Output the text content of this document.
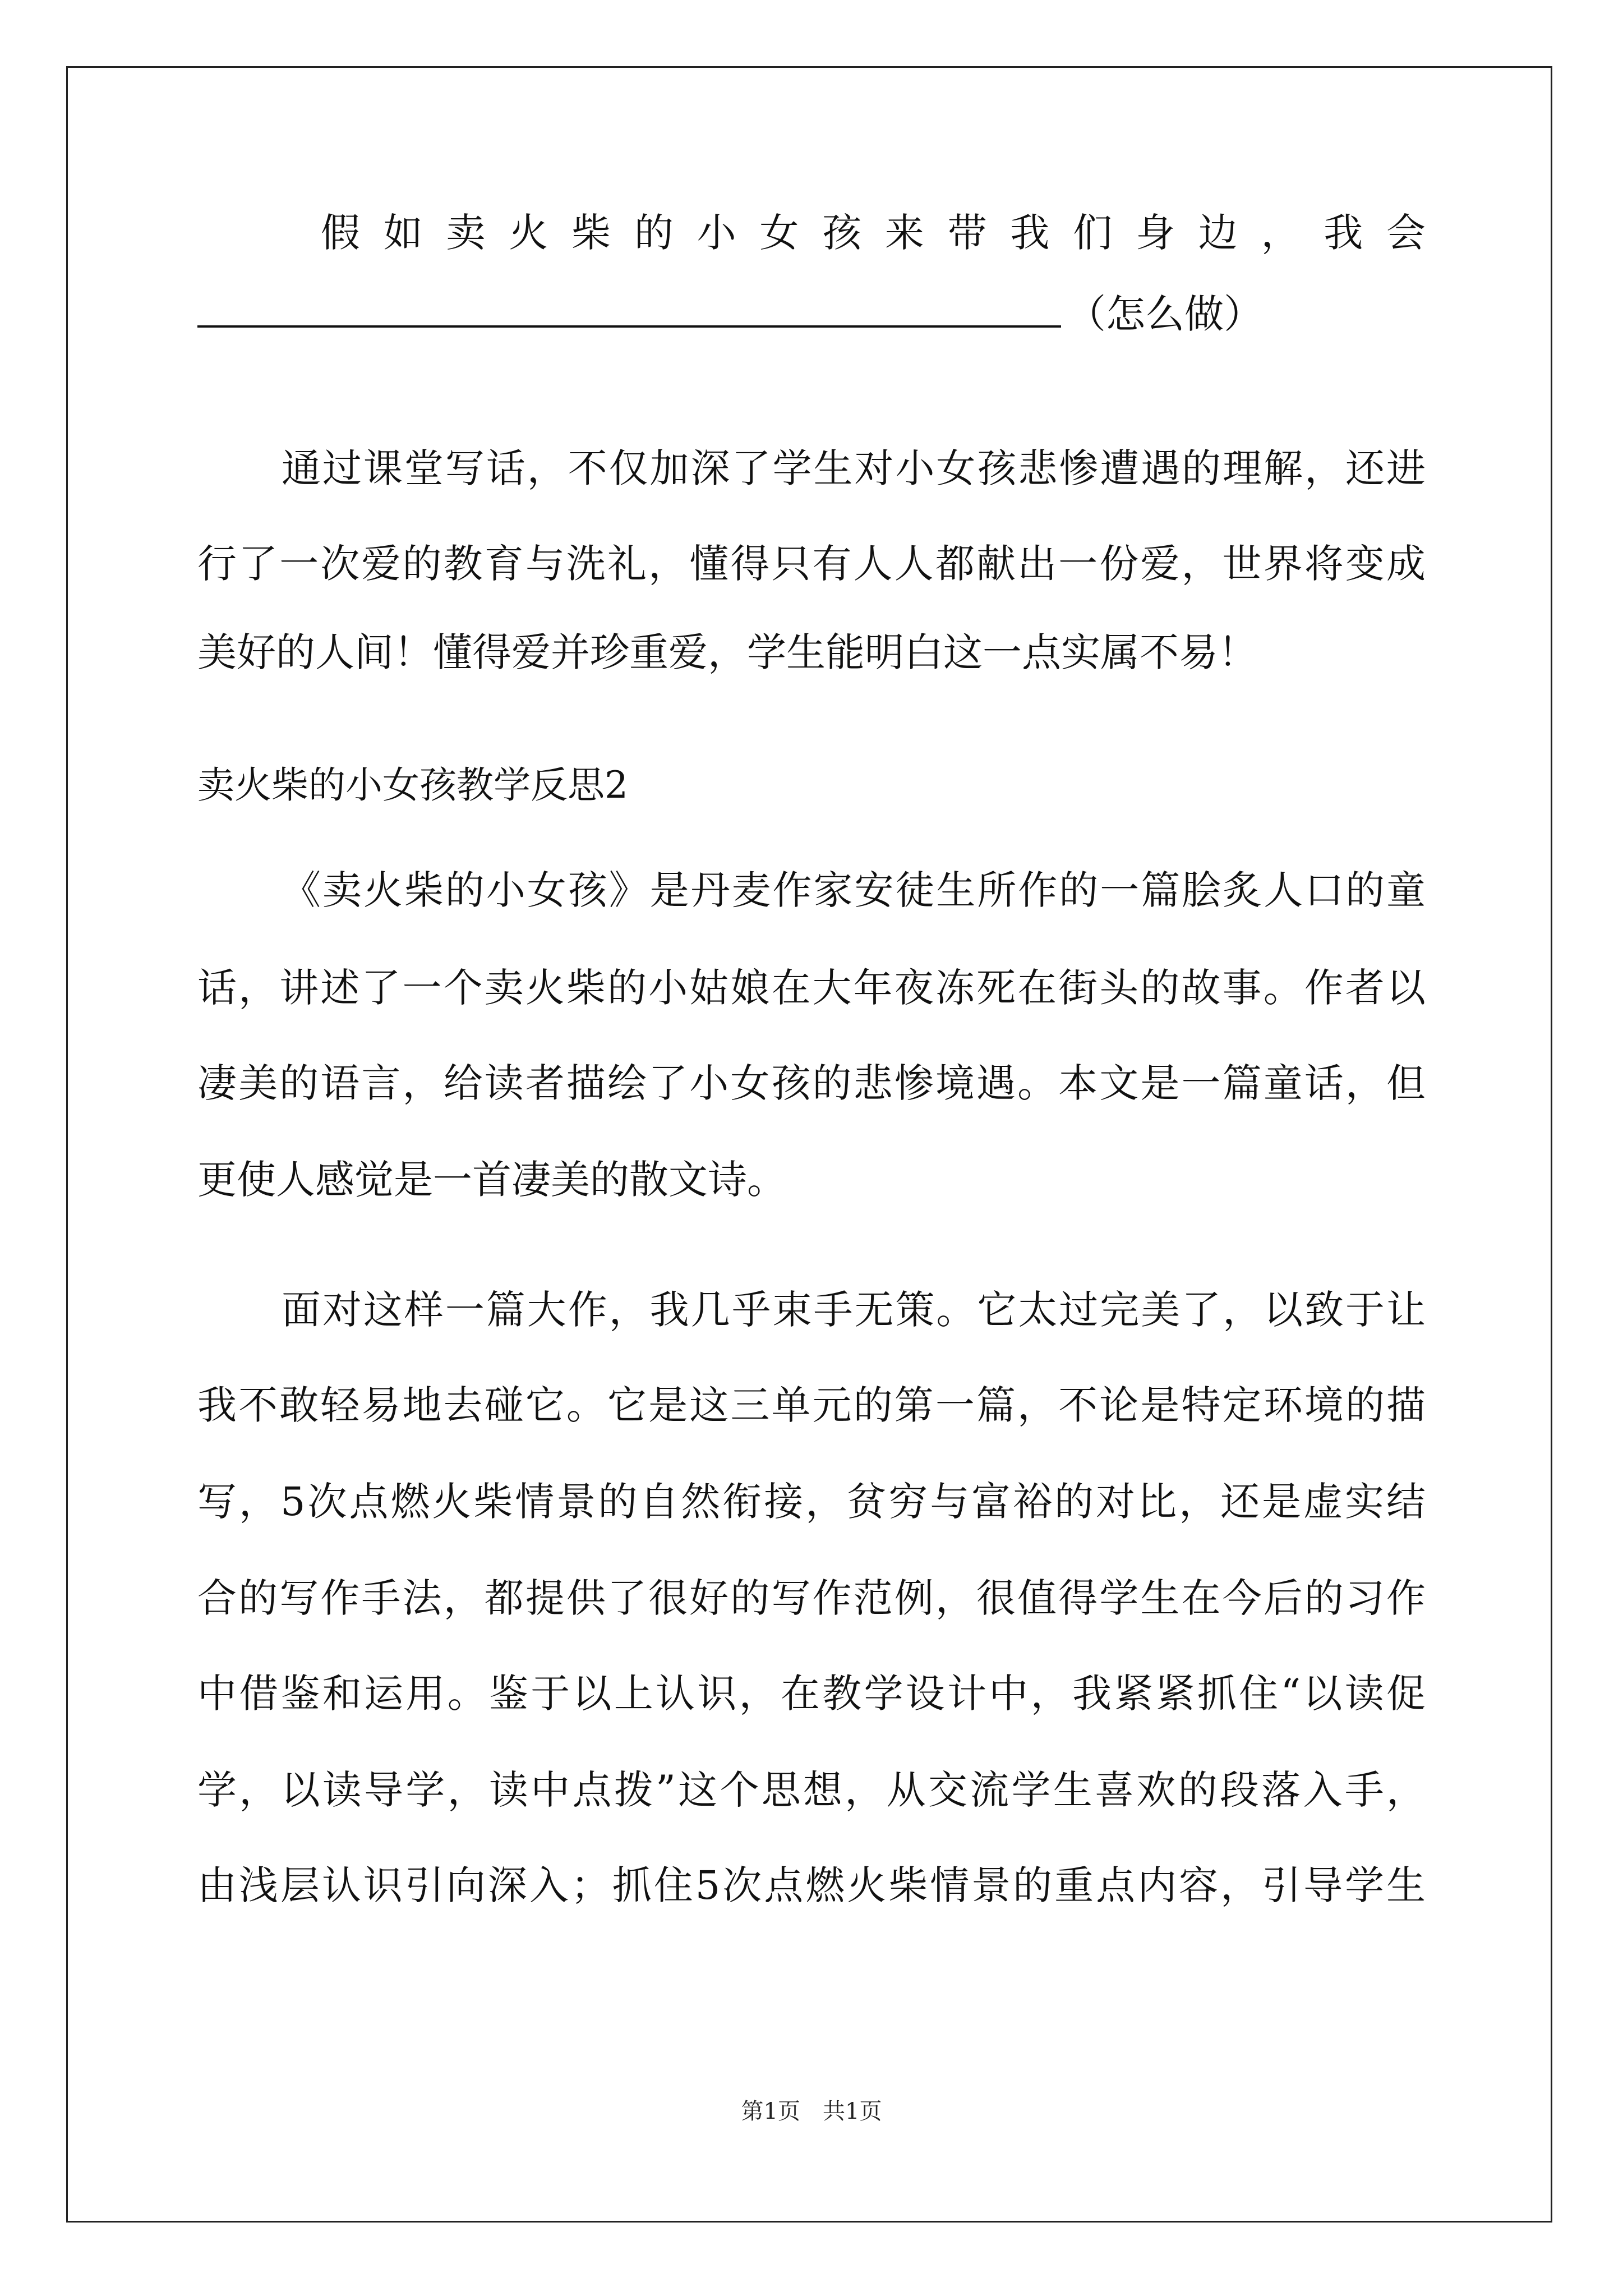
假如卖火柴的小女孩来带我们身边，我会
（怎么做）
通过课堂写话，不仅加深了学生对小女孩悲惨遭遇的理解，还进
行了一次爱的教育与洗礼，懂得只有人人都献出一份爱，世界将变成
美好的人间！懂得爱并珍重爱，学生能明白这一点实属不易！
卖火柴的小女孩教学反思2
《卖火柴的小女孩》是丹麦作家安徒生所作的一篇脍炙人口的童
话，讲述了一个卖火柴的小姑娘在大年夜冻死在街头的故事。作者以
凄美的语言，给读者描绘了小女孩的悲惨境遇。本文是一篇童话，但
更使人感觉是一首凄美的散文诗。
面对这样一篇大作，我几乎束手无策。它太过完美了，以致于让
我不敢轻易地去碰它。它是这三单元的第一篇，不论是特定环境的描
写，5次点燃火柴情景的自然衔接，贫穷与富裕的对比，还是虚实结
合的写作手法，都提供了很好的写作范例，很值得学生在今后的习作
中借鉴和运用。鉴于以上认识，在教学设计中，我紧紧抓住“以读促
学，以读导学，读中点拨”这个思想，从交流学生喜欢的段落入手，
由浅层认识引向深入；抓住5次点燃火柴情景的重点内容，引导学生
第1页　共1页
